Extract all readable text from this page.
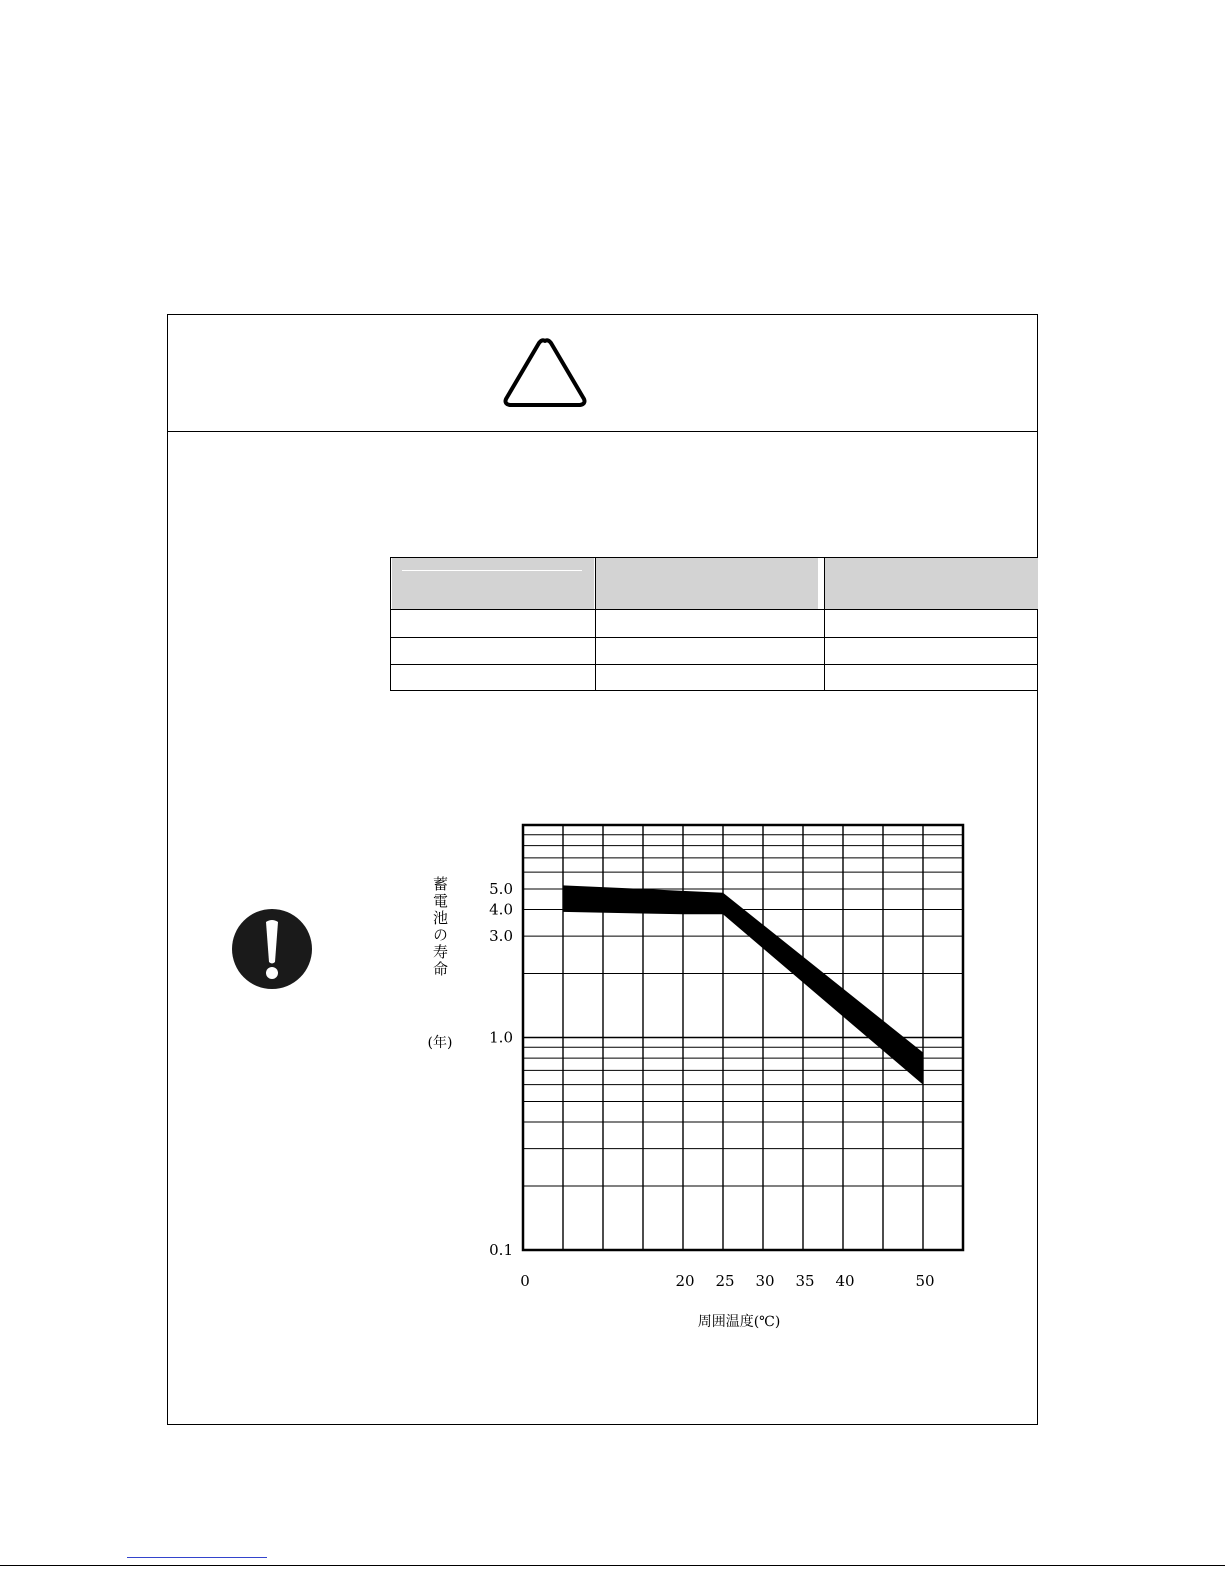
5.0
4.0
3.0
1.0
0.1
0	20 25 30 35 40	50
蓄電池の寿命
(年)
周囲温度(℃)
